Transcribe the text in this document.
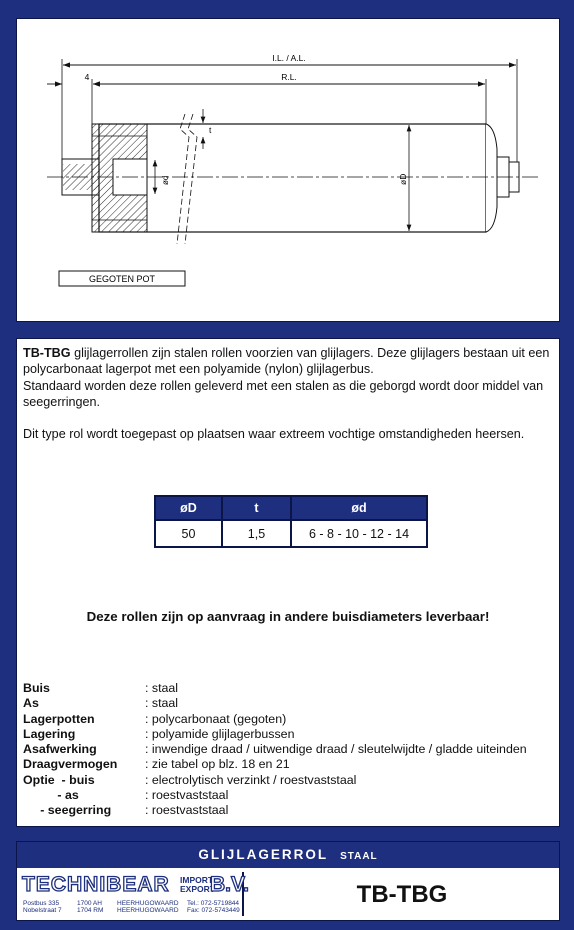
I.L. / A.L.
R.L.
4
t
ød	øD
GEGOTEN POT

TB-TBG glijlagerrollen zijn stalen rollen voorzien van glijlagers. Deze glijlagers bestaan uit een polycarbonaat lagerpot met een polyamide (nylon) glijlagerbus.
Standaard worden deze rollen geleverd met een stalen as die geborgd wordt door middel van seegerringen.

Dit type rol wordt toegepast op plaatsen waar extreem vochtige omstandigheden heersen.

øD	t	ød
50	1,5	6 - 8 - 10 - 12 - 14
Deze rollen zijn op aanvraag in andere buisdiameters leverbaar!
Buis	: staal
As	: staal
Lagerpotten	: polycarbonaat (gegoten)
Lagering	: polyamide glijlagerbussen
Asafwerking	: inwendige draad / uitwendige draad / sleutelwijdte / gladde uiteinden
Draagvermogen	: zie tabel op blz. 18 en 21
Optie  - buis	: electrolytisch verzinkt / roestvaststaal
- as	: roestvaststaal
- seegerring	: roestvaststaal
GLIJLAGERROL STAAL
TECHNIBEAR IMPORT
EXPORT
B.V.
Postbus 335
Nobelstraat 7
1700 AH
1704 RM
HEERHUGOWAARD
HEERHUGOWAARD
Tel.: 072-5719844
Fax: 072-5743449
TB-TBG
